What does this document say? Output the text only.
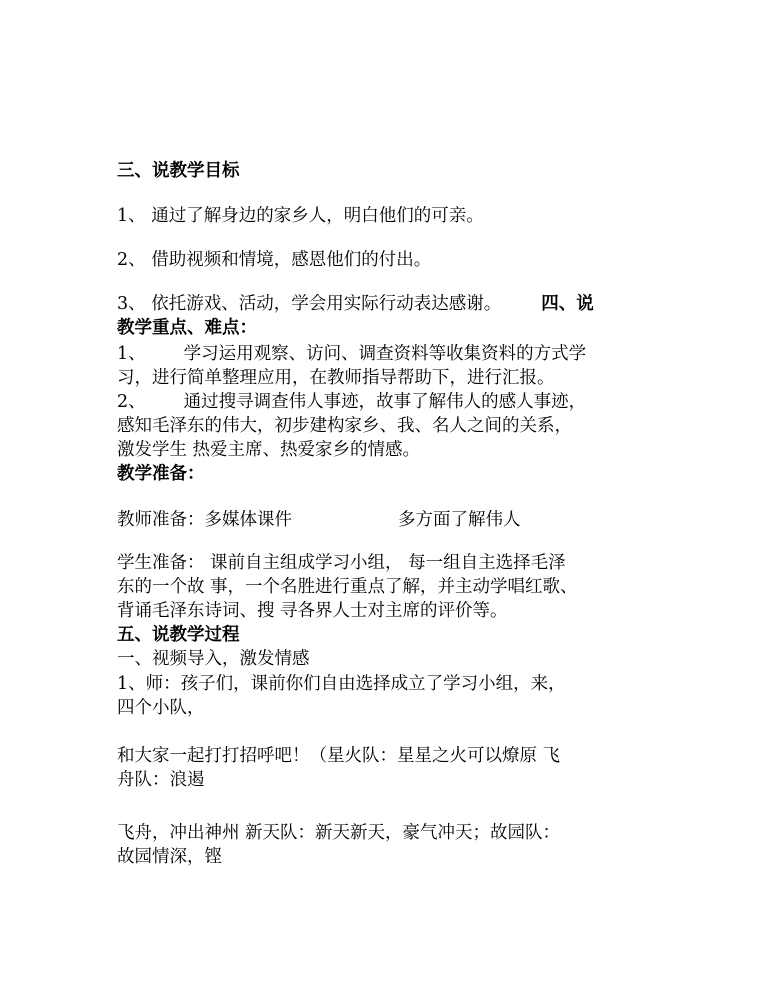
三、说教学目标
1、 通过了解身边的家乡人，明白他们的可亲。
2、 借助视频和情境，感恩他们的付出。
3、 依托游戏、活动，学会用实际行动表达感谢。 四、说
教学重点、难点：
1、 学习运用观察、访问、调查资料等收集资料的方式学
习，进行简单整理应用，在教师指导帮助下，进行汇报。
2、 通过搜寻调查伟人事迹，故事了解伟人的感人事迹，
感知毛泽东的伟大，初步建构家乡、我、名人之间的关系，
激发学生 热爱主席、热爱家乡的情感。
教学准备：
教师准备：多媒体课件	多方面了解伟人
学生准备： 课前自主组成学习小组， 每一组自主选择毛泽
东的一个故 事，一个名胜进行重点了解，并主动学唱红歌、
背诵毛泽东诗词、搜 寻各界人士对主席的评价等。
五、说教学过程
一、视频导入，激发情感
1、师：孩子们，课前你们自由选择成立了学习小组，来，
四个小队，
和大家一起打打招呼吧！（星火队：星星之火可以燎原 飞
舟队：浪遏
飞舟，冲出神州 新天队：新天新天，豪气冲天；故园队：
故园情深，铿
